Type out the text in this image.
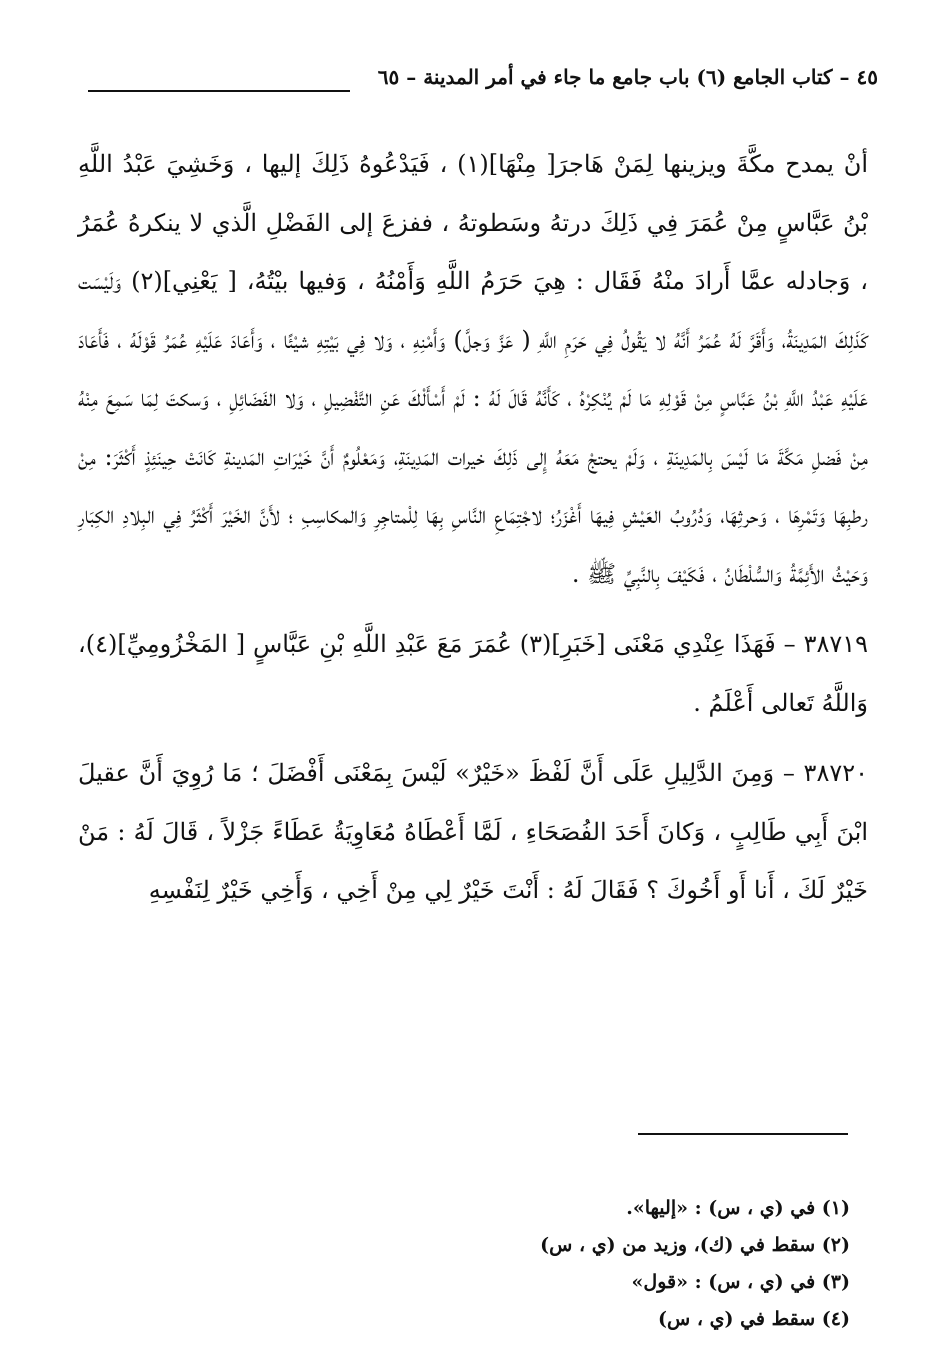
٤٥ – كتاب الجامع (٦) باب جامع ما جاء في أمر المدينة – ٦٥

أنْ يمدح مكَّةَ ويزينها لِمَنْ هَاجرَ[ مِنْهَا](١) ، فَيَدْعُوهُ ذَلِكَ إليها ، وَخَشِيَ عَبْدُ اللَّهِ بْنُ عَبَّاسٍ مِنْ عُمَرَ فِي ذَلِكَ درتهُ وسَطوتهُ ، ففزعَ إلى الفَضْلِ الَّذي لا ينكرهُ عُمَرُ ، وَجادله عمَّا أَرادَ منْهُ فَقَال : هِيَ حَرَمُ اللَّهِ وَأَمْنُهُ ، وَفيها بيْتُهُ، [ يَعْنِي](٢) وَلَيْسَت كَذَلِكَ المَدِينَةُ، وَأَقَرَّ لَهُ عُمَرُ أَنَّهُ لا يَقُولُ فِي حَرَمِ اللَّهِ ( عَزَّ وَجلَّ) وَأَمْنِهِ ، وَلا فِي بَيْتِهِ شيْئًا ، وَأَعَادَ عَلَيْهِ عُمَرُ قَوْلَهُ ، فَأَعَادَ عَلَيْهِ عَبْدُ اللَّهِ بْنُ عَبَّاسٍ مِنْ قَوْلِهِ مَا لَمْ يُنْكِرْهُ ، كَأَنَّهُ قَالَ لَهُ : لَمْ أَسْأَلْكَ عَنِ التَّفْضِيلِ ، وَلا الفَضَائِلِ ، وَسكتَ لِمَا سَمِعَ مِنْهُ مِنْ فَضلِ مَكَّةَ مَا لَيْسَ بِالمَدِينَةِ ، وَلَمْ يحتجْ مَعَهُ إِلى ذَلِكَ خيرات المَدِينَةِ، وَمَعْلُومٌ أَنَّ خَيْرَاتِ المَدينةِ كَانَتْ حِينَئِذٍ أَكْثَرَ: مِنْ رطبِهَا وَتَمْرِهَا ، وَحرثِهَا، وَدُرُوبُ العَيْشِ فِيهَا أَغْزَرُ؛ لاجْتِمَاعِ النَّاسِ بِهَا لِلْمتاجِرِ وَالمكاسِبِ ؛ لأَنَّ الخَيْرَ أَكْثَرُ فِي البِلادِ الكِبَارِ وَحَيْثُ الأَئِمَّةُ وَالسُّلْطَانُ ، فَكَيْفَ بِالنَّبِيِّ ﷺ .

٣٨٧١٩ – فَهَذَا عِنْدِي مَعْنَى [خَبَرِ](٣) عُمَرَ مَعَ عَبْدِ اللَّهِ بْنِ عَبَّاسٍ [ المَخْزُومِيِّ](٤)، وَاللَّهُ تَعالى أَعْلَمُ .

٣٨٧٢٠ – وَمِنَ الدَّلِيلِ عَلَى أَنَّ لَفْظَ «خَيْرٌ» لَيْسَ بِمَعْنَى أَفْضَلَ ؛ مَا رُوِيَ أَنَّ عقيلَ ابْنَ أَبِي طَالِبٍ ، وَكانَ أَحَدَ الفُصَحَاءِ ، لَمَّا أَعْطَاهُ مُعَاوِيَةُ عَطَاءً جَزْلاً ، قَالَ لَهُ : مَنْ خَيْرٌ لَكَ ، أَنا أَو أَخُوكَ ؟ فَقَالَ لَهُ : أَنْتَ خَيْرٌ لِي مِنْ أَخِي ، وَأَخِي خَيْرٌ لِنَفْسِهِ

(١) في (ي ، س) : «إليها».
(٢) سقط في (ك)، وزيد من (ي ، س)
(٣) في (ي ، س) : «قول»
(٤) سقط في (ي ، س)
